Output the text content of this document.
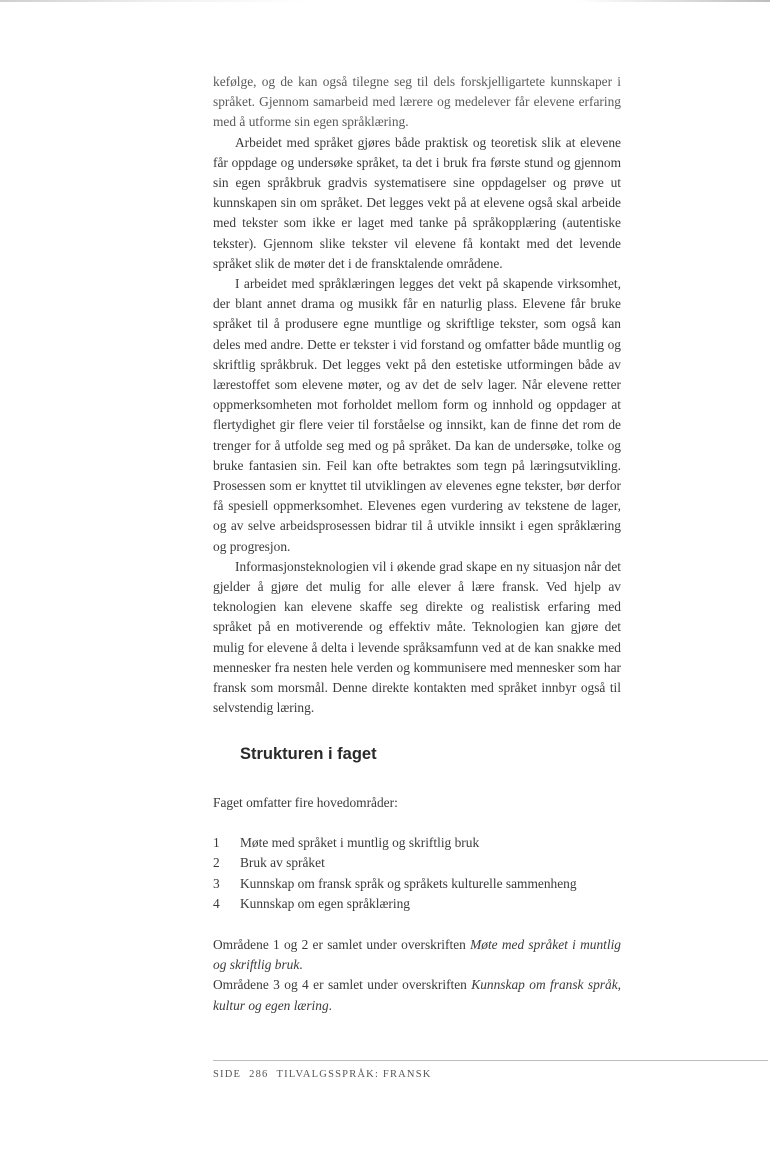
kefølge, og de kan også tilegne seg til dels forskjelligartete kunnskaper i språket. Gjennom samarbeid med lærere og medelever får elevene erfaring med å utforme sin egen språklæring.

Arbeidet med språket gjøres både praktisk og teoretisk slik at elevene får oppdage og undersøke språket, ta det i bruk fra første stund og gjennom sin egen språkbruk gradvis systematisere sine oppdagelser og prøve ut kunnskapen sin om språket. Det legges vekt på at elevene også skal arbeide med tekster som ikke er laget med tanke på språkopplæring (autentiske tekster). Gjennom slike tekster vil elevene få kontakt med det levende språket slik de møter det i de fransktalende områdene.

I arbeidet med språklæringen legges det vekt på skapende virksomhet, der blant annet drama og musikk får en naturlig plass. Elevene får bruke språket til å produsere egne muntlige og skriftlige tekster, som også kan deles med andre. Dette er tekster i vid forstand og omfatter både muntlig og skriftlig språkbruk. Det legges vekt på den estetiske utformingen både av lærestoffet som elevene møter, og av det de selv lager. Når elevene retter oppmerksomheten mot forholdet mellom form og innhold og oppdager at flertydighet gir flere veier til forståelse og innsikt, kan de finne det rom de trenger for å utfolde seg med og på språket. Da kan de undersøke, tolke og bruke fantasien sin. Feil kan ofte betraktes som tegn på læringsutvikling. Prosessen som er knyttet til utviklingen av elevenes egne tekster, bør derfor få spesiell oppmerksomhet. Elevenes egen vurdering av tekstene de lager, og av selve arbeidsprosessen bidrar til å utvikle innsikt i egen språklæring og progresjon.

Informasjonsteknologien vil i økende grad skape en ny situasjon når det gjelder å gjøre det mulig for alle elever å lære fransk. Ved hjelp av teknologien kan elevene skaffe seg direkte og realistisk erfaring med språket på en motiverende og effektiv måte. Teknologien kan gjøre det mulig for elevene å delta i levende språksamfunn ved at de kan snakke med mennesker fra nesten hele verden og kommunisere med mennesker som har fransk som morsmål. Denne direkte kontakten med språket innbyr også til selvstendig læring.

Strukturen i faget

Faget omfatter fire hovedområder:

1	Møte med språket i muntlig og skriftlig bruk
2	Bruk av språket
3	Kunnskap om fransk språk og språkets kulturelle sammenheng
4	Kunnskap om egen språklæring

Områdene 1 og 2 er samlet under overskriften Møte med språket i muntlig og skriftlig bruk.

Områdene 3 og 4 er samlet under overskriften Kunnskap om fransk språk, kultur og egen læring.

SIDE 286 TILVALGSSPRÅK: FRANSK
